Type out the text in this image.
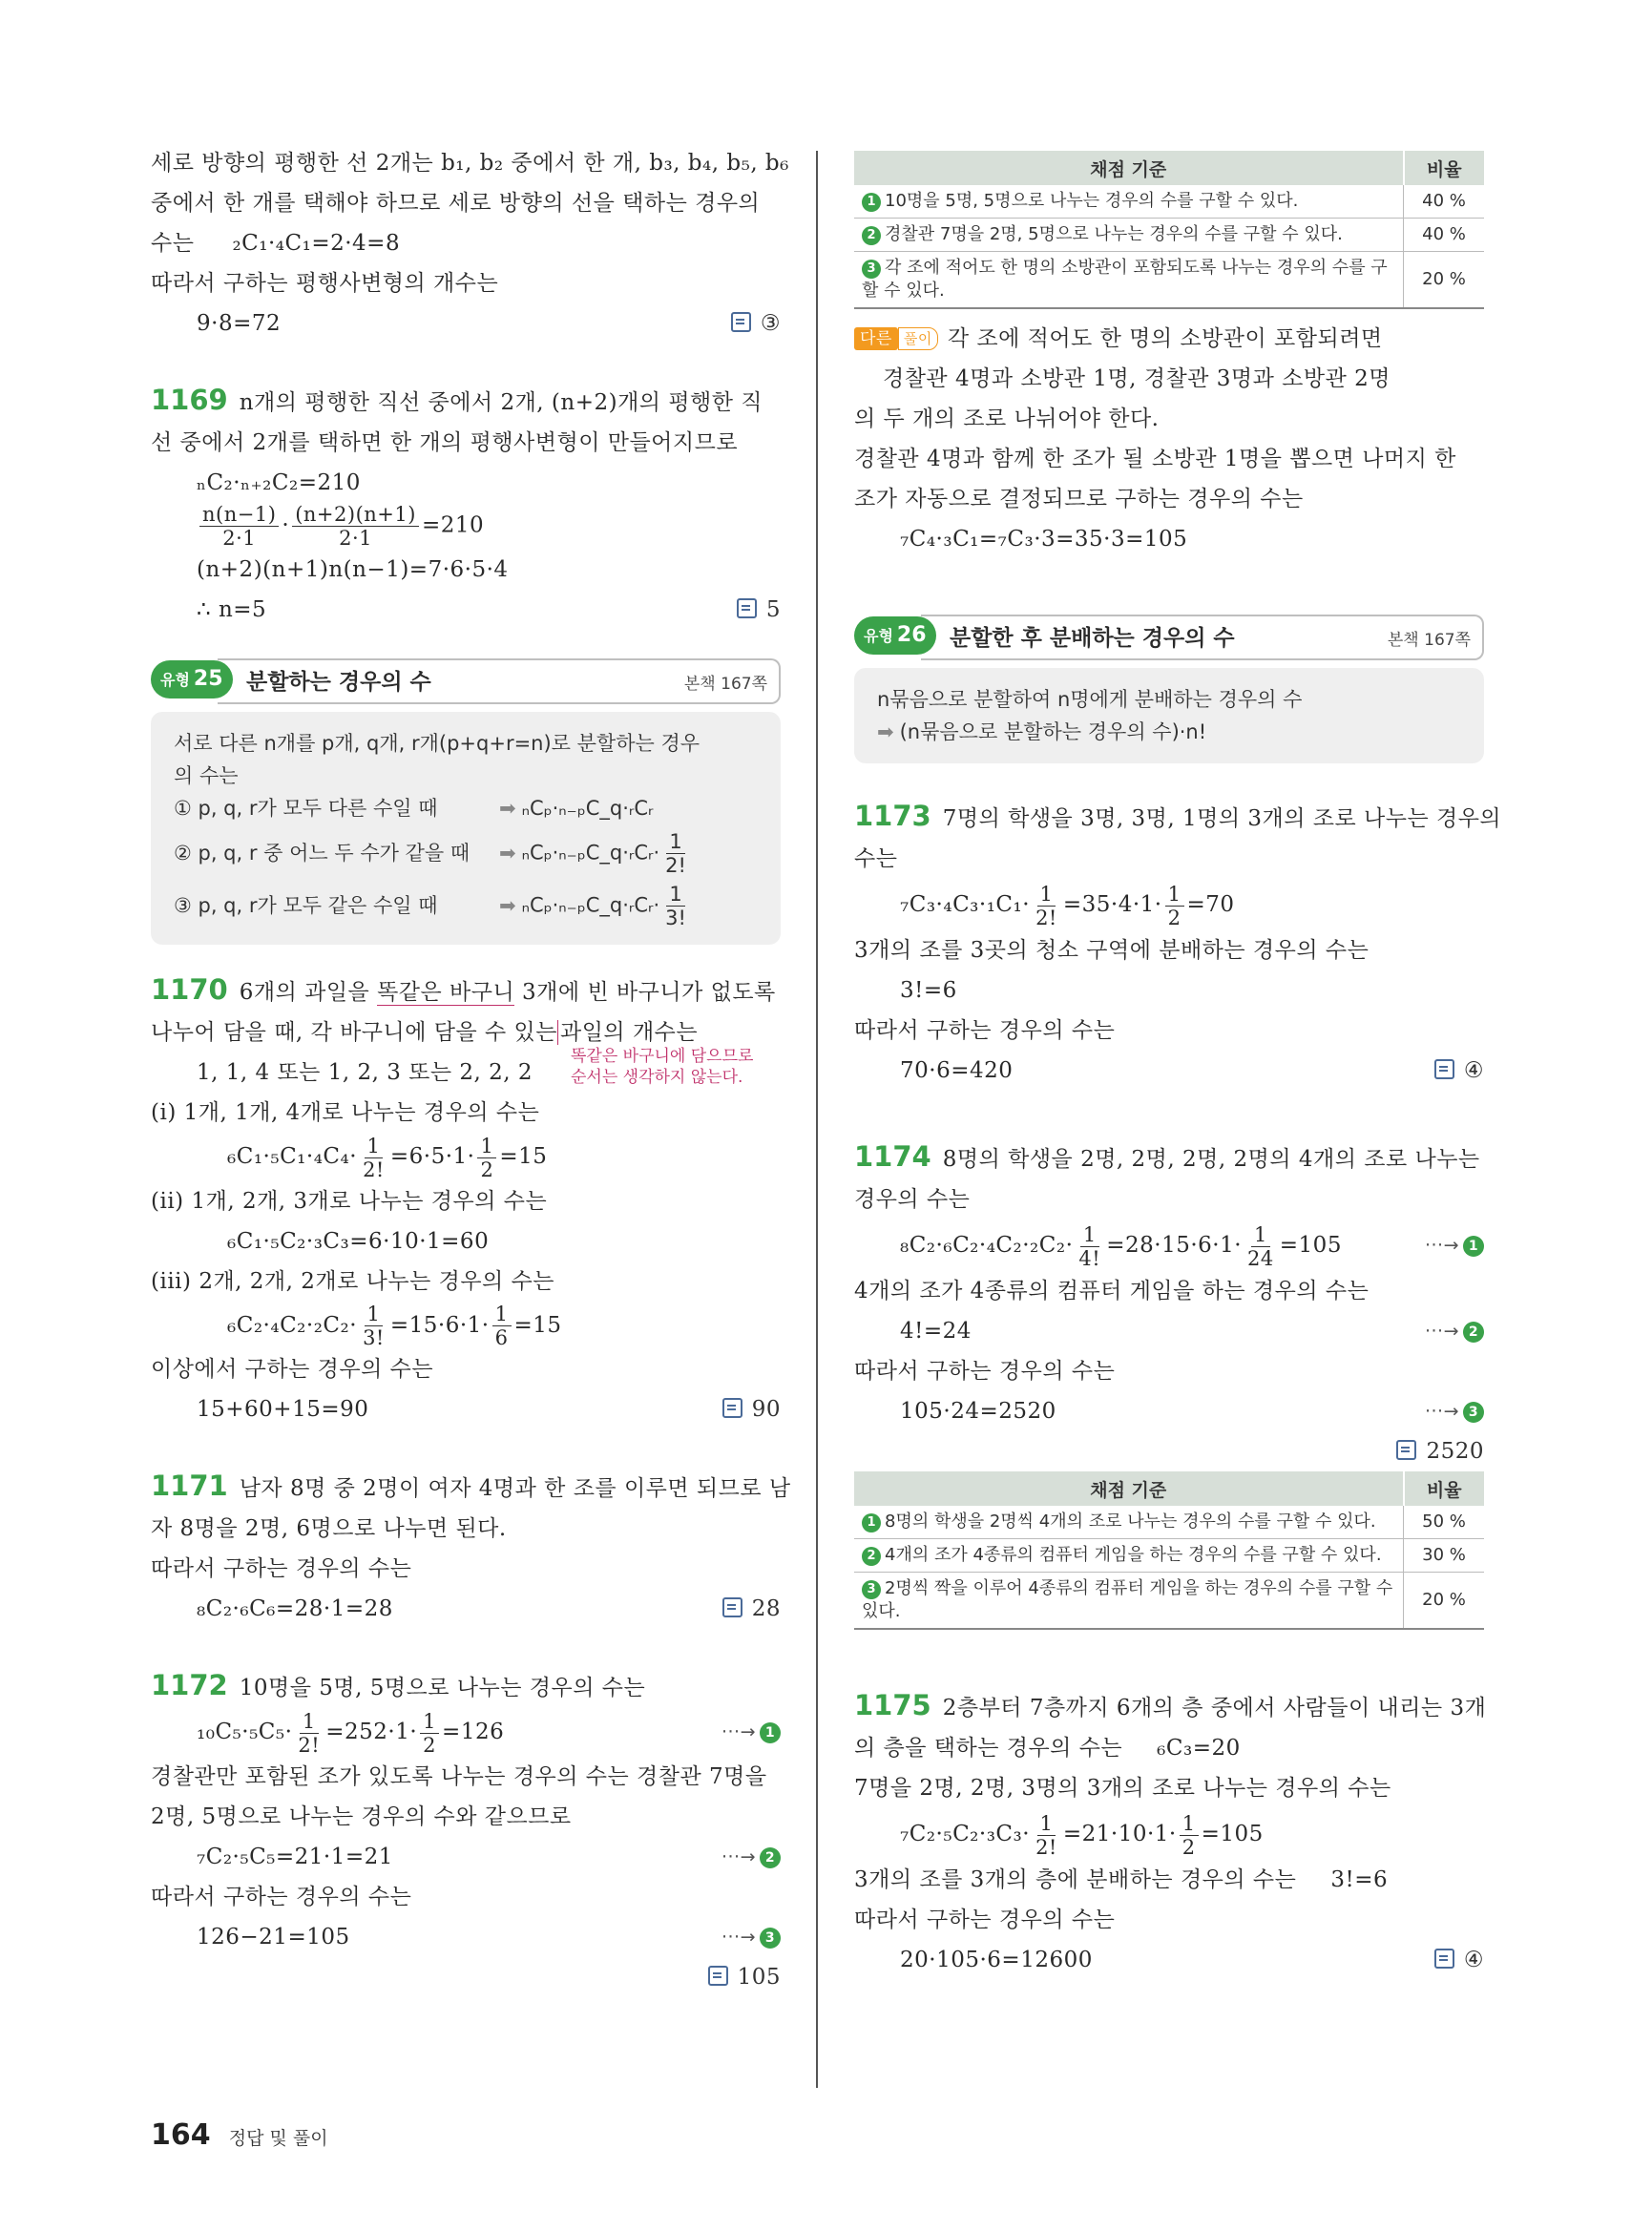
세로 방향의 평행한 선 2개는 b₁, b₂ 중에서 한 개, b₃, b₄, b₅, b₆
중에서 한 개를 택해야 하므로 세로 방향의 선을 택하는 경우의
수는 ₂C₁·₄C₁=2·4=8
따라서 구하는 평행사변형의 개수는
9·8=72	③
1169 n개의 평행한 직선 중에서 2개, (n+2)개의 평행한 직
선 중에서 2개를 택하면 한 개의 평행사변형이 만들어지므로
ₙC₂·ₙ₊₂C₂=210
$\frac{n(n-1)}{2\cdot 1} \cdot \frac{(n+2)(n+1)}{2\cdot 1} =210$
(n+2)(n+1)n(n−1)=7·6·5·4
∴ n=5	5
유형 25	분할하는 경우의 수	본책 167쪽
서로 다른 n개를 p개, q개, r개(p+q+r=n)로 분할하는 경우
의 수는
① p, q, r가 모두 다른 수일 때	➡ ₙCₚ·ₙ₋ₚC_q·ᵣCᵣ
② p, q, r 중 어느 두 수가 같을 때 ➡ ₙCₚ·ₙ₋ₚC_q·ᵣCᵣ· $\frac{1}{2!}$
③ p, q, r가 모두 같은 수일 때	➡ ₙCₚ·ₙ₋ₚC_q·ᵣCᵣ· $\frac{1}{3!}$
1170 6개의 과일을 똑같은 바구니 3개에 빈 바구니가 없도록
나누어 담을 때, 각 바구니에 담을 수 있는 과일의 개수는
똑같은 바구니에 담으므로
순서는 생각하지 않는다.
1, 1, 4 또는 1, 2, 3 또는 2, 2, 2
(i) 1개, 1개, 4개로 나누는 경우의 수는
$_6C_1\cdot_5C_1\cdot_4C_4\cdot \frac{1}{2!} =6\cdot 5\cdot 1\cdot \frac{1}{2} =15$
(ii) 1개, 2개, 3개로 나누는 경우의 수는
₆C₁·₅C₂·₃C₃=6·10·1=60
(iii) 2개, 2개, 2개로 나누는 경우의 수는
$_6C_2\cdot_4C_2\cdot_2C_2\cdot \frac{1}{3!} =15\cdot 6\cdot 1\cdot \frac{1}{6} =15$
이상에서 구하는 경우의 수는
15+60+15=90	90
1171 남자 8명 중 2명이 여자 4명과 한 조를 이루면 되므로 남
자 8명을 2명, 6명으로 나누면 된다.
따라서 구하는 경우의 수는
₈C₂·₆C₆=28·1=28	28
1172 10명을 5명, 5명으로 나누는 경우의 수는
$_{10}C_5\cdot_5C_5\cdot \frac{1}{2!} =252\cdot 1\cdot \frac{1}{2} =126$	···→ 1
경찰관만 포함된 조가 있도록 나누는 경우의 수는 경찰관 7명을
2명, 5명으로 나누는 경우의 수와 같으므로
₇C₂·₅C₅=21·1=21	···→ 2
따라서 구하는 경우의 수는
126−21=105	···→ 3
105
채점 기준	비율
1 10명을 5명, 5명으로 나누는 경우의 수를 구할 수 있다.	40 %
2 경찰관 7명을 2명, 5명으로 나누는 경우의 수를 구할 수 있다.	40 %
3 각 조에 적어도 한 명의 소방관이 포함되도록 나누는 경우의 수를 구할 수 있다.	20 %
다른 풀이 각 조에 적어도 한 명의 소방관이 포함되려면
경찰관 4명과 소방관 1명, 경찰관 3명과 소방관 2명
의 두 개의 조로 나뉘어야 한다.
경찰관 4명과 함께 한 조가 될 소방관 1명을 뽑으면 나머지 한
조가 자동으로 결정되므로 구하는 경우의 수는
₇C₄·₃C₁=₇C₃·3=35·3=105
유형 26	분할한 후 분배하는 경우의 수	본책 167쪽
n묶음으로 분할하여 n명에게 분배하는 경우의 수
➡ (n묶음으로 분할하는 경우의 수)·n!
1173 7명의 학생을 3명, 3명, 1명의 3개의 조로 나누는 경우의
수는
$_7C_3\cdot_4C_3\cdot_1C_1\cdot \frac{1}{2!} =35\cdot 4\cdot 1\cdot \frac{1}{2} =70$
3개의 조를 3곳의 청소 구역에 분배하는 경우의 수는
3!=6
따라서 구하는 경우의 수는
70·6=420	④
1174 8명의 학생을 2명, 2명, 2명, 2명의 4개의 조로 나누는
경우의 수는
$_8C_2\cdot_6C_2\cdot_4C_2\cdot_2C_2\cdot \frac{1}{4!} =28\cdot 15\cdot 6\cdot 1\cdot \frac{1}{24} =105$	···→ 1
4개의 조가 4종류의 컴퓨터 게임을 하는 경우의 수는
4!=24	···→ 2
따라서 구하는 경우의 수는
105·24=2520	···→ 3
2520
채점 기준	비율
1 8명의 학생을 2명씩 4개의 조로 나누는 경우의 수를 구할 수 있다.	50 %
2 4개의 조가 4종류의 컴퓨터 게임을 하는 경우의 수를 구할 수 있다.	30 %
3 2명씩 짝을 이루어 4종류의 컴퓨터 게임을 하는 경우의 수를 구할 수 있다.	20 %
1175 2층부터 7층까지 6개의 층 중에서 사람들이 내리는 3개
의 층을 택하는 경우의 수는 ₆C₃=20
7명을 2명, 2명, 3명의 3개의 조로 나누는 경우의 수는
$_7C_2\cdot_5C_2\cdot_3C_3\cdot \frac{1}{2!} =21\cdot 10\cdot 1\cdot \frac{1}{2} =105$
3개의 조를 3개의 층에 분배하는 경우의 수는 3!=6
따라서 구하는 경우의 수는
20·105·6=12600	④
164 정답 및 풀이
